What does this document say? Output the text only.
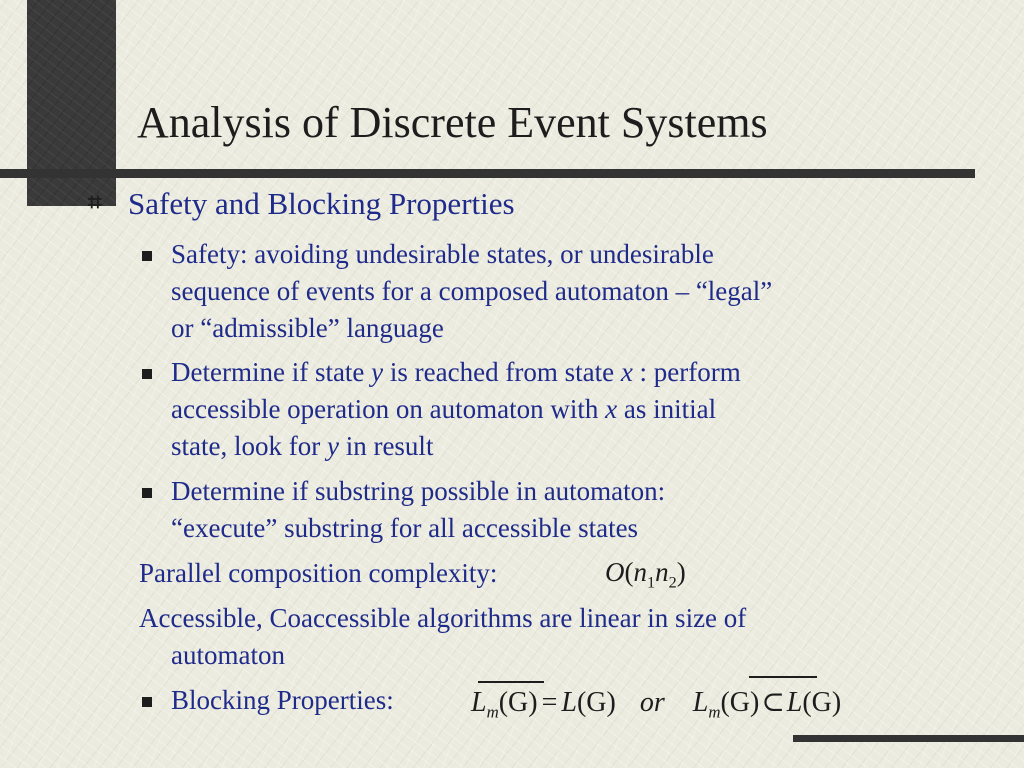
Analysis of Discrete Event Systems
⌗ Safety and Blocking Properties
Safety: avoiding undesirable states, or undesirable
sequence of events for a composed automaton – “legal”
or “admissible” language
Determine if state y is reached from state x : perform
accessible operation on automaton with x as initial
state, look for y in result
Determine if substring possible in automaton:
“execute” substring for all accessible states
Parallel composition complexity:	$O(n_1n_2)$
Accessible, Coaccessible algorithms are linear in size of
automaton
Blocking Properties:	$L_m(G) = L(G)$ or $L_m(G)\subset L(G)$
